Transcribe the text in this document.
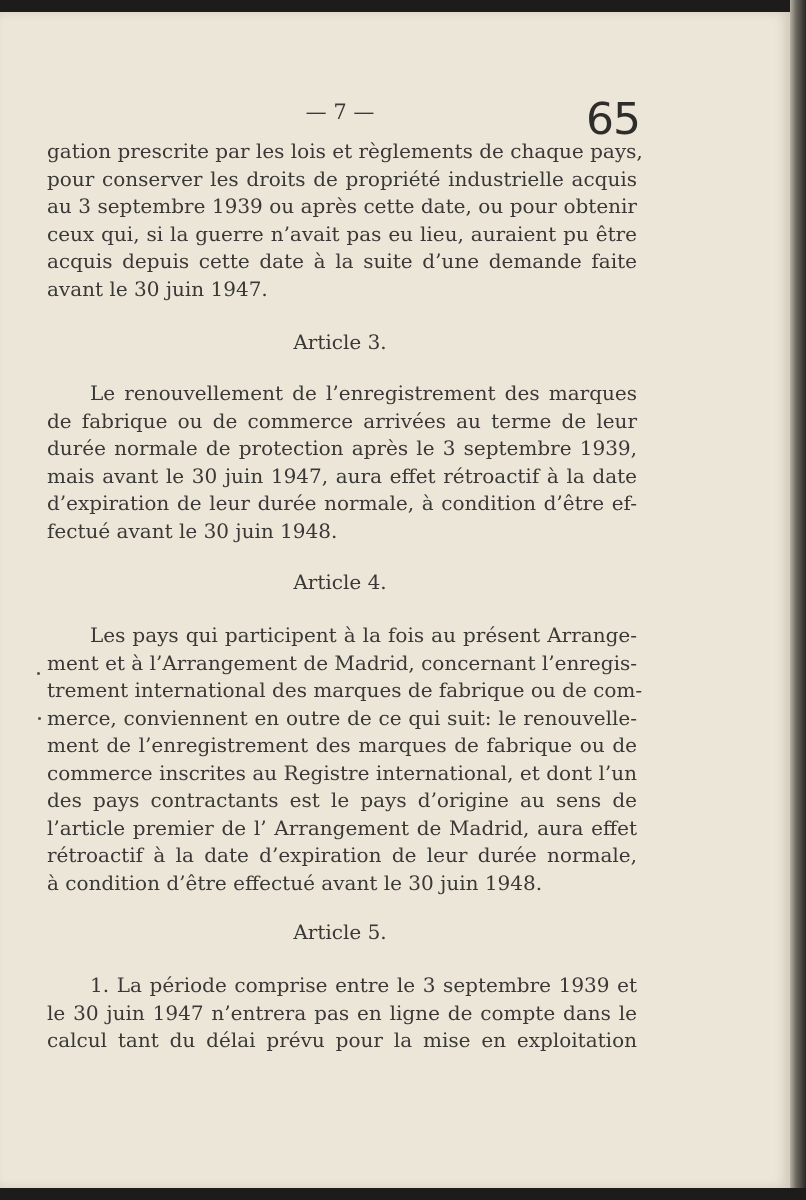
— 7 —	65
gation prescrite par les lois et règlements de chaque pays,
pour conserver les droits de propriété industrielle acquis
au 3 septembre 1939 ou après cette date, ou pour obtenir
ceux qui, si la guerre n’avait pas eu lieu, auraient pu être
acquis depuis cette date à la suite d’une demande faite
avant le 30 juin 1947.
Article 3.
Le renouvellement de l’enregistrement des marques
de fabrique ou de commerce arrivées au terme de leur
durée normale de protection après le 3 septembre 1939,
mais avant le 30 juin 1947, aura effet rétroactif à la date
d’expiration de leur durée normale, à condition d’être ef-
fectué avant le 30 juin 1948.
Article 4.
Les pays qui participent à la fois au présent Arrange-
ment et à l’Arrangement de Madrid, concernant l’enregis-
trement international des marques de fabrique ou de com-
merce, conviennent en outre de ce qui suit: le renouvelle-
ment de l’enregistrement des marques de fabrique ou de
commerce inscrites au Registre international, et dont l’un
des pays contractants est le pays d’origine au sens de
l’article premier de l’ Arrangement de Madrid, aura effet
rétroactif à la date d’expiration de leur durée normale,
à condition d’être effectué avant le 30 juin 1948.
Article 5.
1. La période comprise entre le 3 septembre 1939 et
le 30 juin 1947 n’entrera pas en ligne de compte dans le
calcul tant du délai prévu pour la mise en exploitation
